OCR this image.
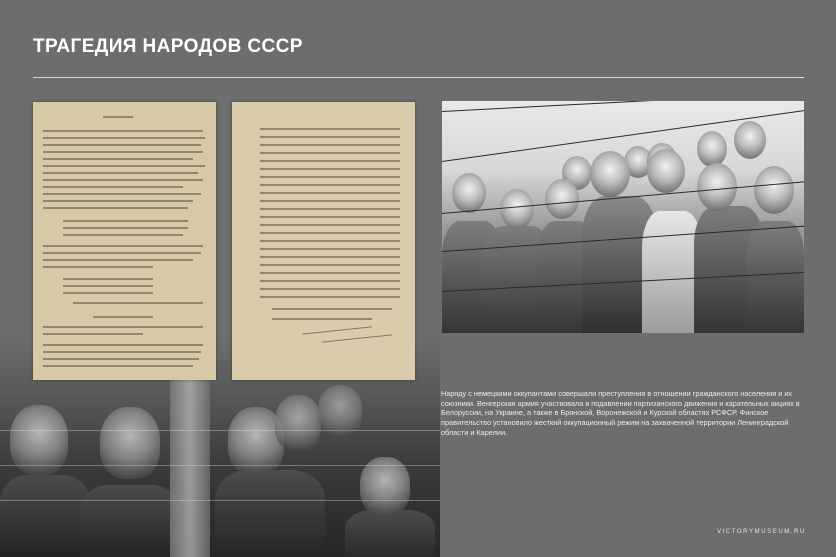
ТРАГЕДИЯ НАРОДОВ СССР

Наряду с немецкими оккупантами совершали преступления в отношении гражданского населения и их союзники. Венгерская армия участвовала в подавлении партизанского движения и карательных акциях в Белоруссии, на Украине, а также в Брянской, Воронежской и Курской областях РСФСР. Финское правительство установило жесткий оккупационный режим на захваченной территории Ленинградской области и Карелии.

VICTORYMUSEUM.RU
